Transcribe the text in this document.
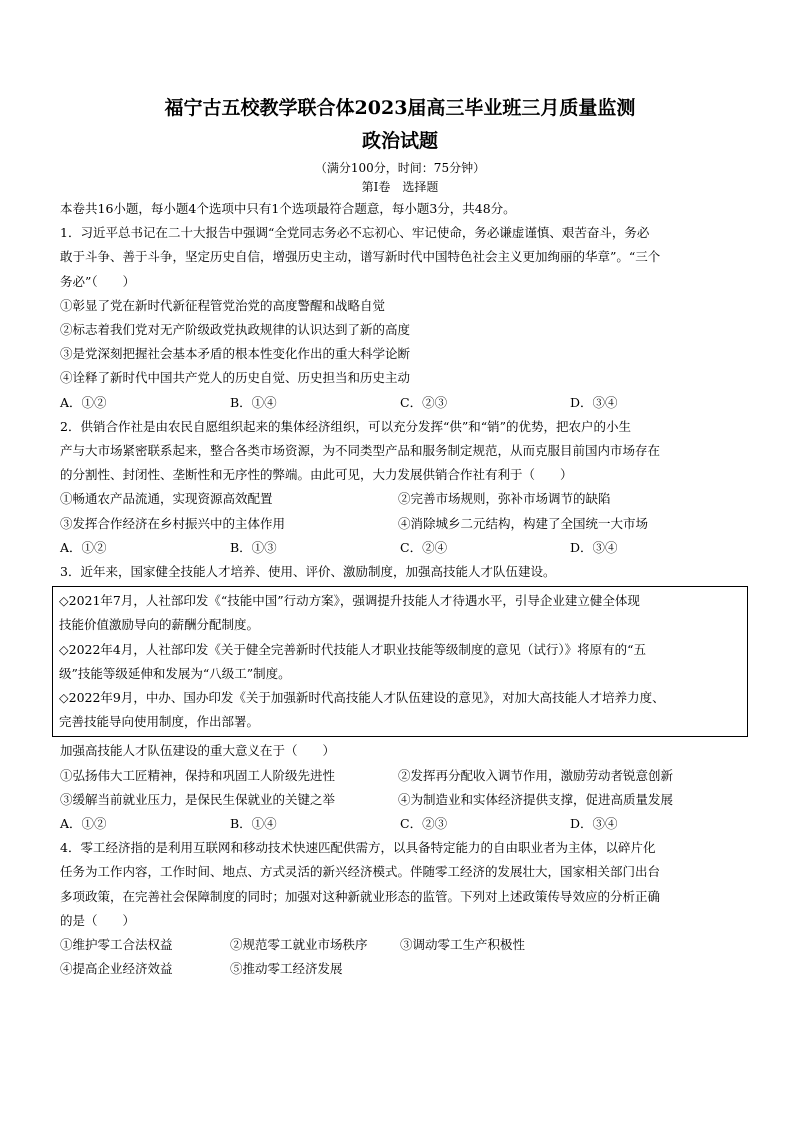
福宁古五校教学联合体2023届高三毕业班三月质量监测
政治试题
（满分100分，时间：75分钟）
第Ⅰ卷　选择题
本卷共16小题，每小题4个选项中只有1个选项最符合题意，每小题3分，共48分。
1．习近平总书记在二十大报告中强调“全党同志务必不忘初心、牢记使命，务必谦虚谨慎、艰苦奋斗，务必
敢于斗争、善于斗争，坚定历史自信，增强历史主动，谱写新时代中国特色社会主义更加绚丽的华章”。“三个
务必”（　　）
①彰显了党在新时代新征程管党治党的高度警醒和战略自觉
②标志着我们党对无产阶级政党执政规律的认识达到了新的高度
③是党深刻把握社会基本矛盾的根本性变化作出的重大科学论断
④诠释了新时代中国共产党人的历史自觉、历史担当和历史主动
A．①②	B．①④	C．②③	D．③④
2．供销合作社是由农民自愿组织起来的集体经济组织，可以充分发挥“供”和“销”的优势，把农户的小生
产与大市场紧密联系起来，整合各类市场资源，为不同类型产品和服务制定规范，从而克服目前国内市场存在
的分割性、封闭性、垄断性和无序性的弊端。由此可见，大力发展供销合作社有利于（　　）
①畅通农产品流通，实现资源高效配置	②完善市场规则，弥补市场调节的缺陷
③发挥合作经济在乡村振兴中的主体作用	④消除城乡二元结构，构建了全国统一大市场
A．①②	B．①③	C．②④	D．③④
3．近年来，国家健全技能人才培养、使用、评价、激励制度，加强高技能人才队伍建设。
◇2021年7月，人社部印发《“技能中国”行动方案》，强调提升技能人才待遇水平，引导企业建立健全体现
技能价值激励导向的薪酬分配制度。
◇2022年4月，人社部印发《关于健全完善新时代技能人才职业技能等级制度的意见（试行）》将原有的“五
级”技能等级延伸和发展为“八级工”制度。
◇2022年9月，中办、国办印发《关于加强新时代高技能人才队伍建设的意见》，对加大高技能人才培养力度、
完善技能导向使用制度，作出部署。
加强高技能人才队伍建设的重大意义在于（　　）
①弘扬伟大工匠精神，保持和巩固工人阶级先进性	②发挥再分配收入调节作用，激励劳动者锐意创新
③缓解当前就业压力，是保民生保就业的关键之举	④为制造业和实体经济提供支撑，促进高质量发展
A．①②	B．①④	C．②③	D．③④
4．零工经济指的是利用互联网和移动技术快速匹配供需方，以具备特定能力的自由职业者为主体，以碎片化
任务为工作内容，工作时间、地点、方式灵活的新兴经济模式。伴随零工经济的发展壮大，国家相关部门出台
多项政策，在完善社会保障制度的同时；加强对这种新就业形态的监管。下列对上述政策传导效应的分析正确
的是（　　）
①维护零工合法权益	②规范零工就业市场秩序	③调动零工生产积极性
④提高企业经济效益	⑤推动零工经济发展
